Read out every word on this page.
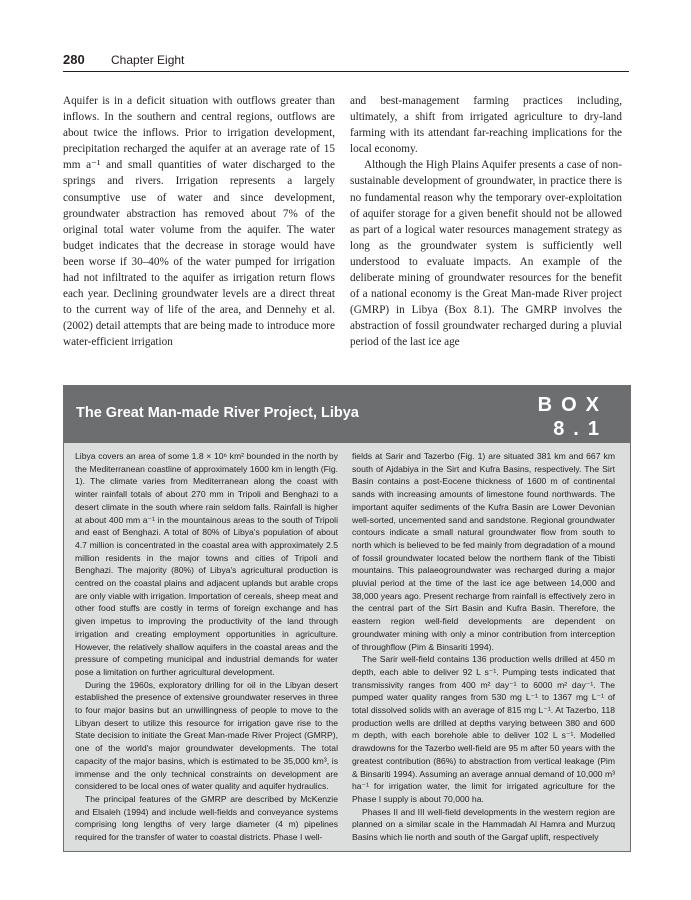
280 Chapter Eight

Aquifer is in a deficit situation with outflows greater than inflows. In the southern and central regions, outflows are about twice the inflows. Prior to irrigation development, precipitation recharged the aquifer at an average rate of 15 mm a⁻¹ and small quantities of water discharged to the springs and rivers. Irrigation represents a largely consumptive use of water and since development, groundwater abstraction has removed about 7% of the original total water volume from the aquifer. The water budget indicates that the decrease in storage would have been worse if 30–40% of the water pumped for irrigation had not infiltrated to the aquifer as irrigation return flows each year. Declining groundwater levels are a direct threat to the current way of life of the area, and Dennehy et al. (2002) detail attempts that are being made to introduce more water-efficient irrigation

and best-management farming practices including, ultimately, a shift from irrigated agriculture to dry-land farming with its attendant far-reaching implications for the local economy.

Although the High Plains Aquifer presents a case of non-sustainable development of groundwater, in practice there is no fundamental reason why the temporary over-exploitation of aquifer storage for a given benefit should not be allowed as part of a logical water resources management strategy as long as the groundwater system is sufficiently well understood to evaluate impacts. An example of the deliberate mining of groundwater resources for the benefit of a national economy is the Great Man-made River project (GMRP) in Libya (Box 8.1). The GMRP involves the abstraction of fossil groundwater recharged during a pluvial period of the last ice age

The Great Man-made River Project, Libya	BOX
8.1

Libya covers an area of some 1.8 × 10⁶ km² bounded in the north by the Mediterranean coastline of approximately 1600 km in length (Fig. 1). The climate varies from Mediterranean along the coast with winter rainfall totals of about 270 mm in Tripoli and Benghazi to a desert climate in the south where rain seldom falls. Rainfall is higher at about 400 mm a⁻¹ in the mountainous areas to the south of Tripoli and east of Benghazi. A total of 80% of Libya's population of about 4.7 million is concentrated in the coastal area with approximately 2.5 million residents in the major towns and cities of Tripoli and Benghazi. The majority (80%) of Libya's agricultural production is centred on the coastal plains and adjacent uplands but arable crops are only viable with irrigation. Importation of cereals, sheep meat and other food stuffs are costly in terms of foreign exchange and has given impetus to improving the productivity of the land through irrigation and creating employment opportunities in agriculture. However, the relatively shallow aquifers in the coastal areas and the pressure of competing municipal and industrial demands for water pose a limitation on further agricultural development.

During the 1960s, exploratory drilling for oil in the Libyan desert established the presence of extensive groundwater reserves in three to four major basins but an unwillingness of people to move to the Libyan desert to utilize this resource for irrigation gave rise to the State decision to initiate the Great Man-made River Project (GMRP), one of the world's major groundwater developments. The total capacity of the major basins, which is estimated to be 35,000 km³, is immense and the only technical constraints on development are considered to be local ones of water quality and aquifer hydraulics.

The principal features of the GMRP are described by McKenzie and Elsaleh (1994) and include well-fields and conveyance systems comprising long lengths of very large diameter (4 m) pipelines required for the transfer of water to coastal districts. Phase I well-

fields at Sarir and Tazerbo (Fig. 1) are situated 381 km and 667 km south of Ajdabiya in the Sirt and Kufra Basins, respectively. The Sirt Basin contains a post-Eocene thickness of 1600 m of continental sands with increasing amounts of limestone found northwards. The important aquifer sediments of the Kufra Basin are Lower Devonian well-sorted, uncemented sand and sandstone. Regional groundwater contours indicate a small natural groundwater flow from south to north which is believed to be fed mainly from degradation of a mound of fossil groundwater located below the northern flank of the Tibisti mountains. This palaeogroundwater was recharged during a major pluvial period at the time of the last ice age between 14,000 and 38,000 years ago. Present recharge from rainfall is effectively zero in the central part of the Sirt Basin and Kufra Basin. Therefore, the eastern region well-field developments are dependent on groundwater mining with only a minor contribution from interception of throughflow (Pim & Binsariti 1994).

The Sarir well-field contains 136 production wells drilled at 450 m depth, each able to deliver 92 L s⁻¹. Pumping tests indicated that transmissivity ranges from 400 m² day⁻¹ to 6000 m² day⁻¹. The pumped water quality ranges from 530 mg L⁻¹ to 1367 mg L⁻¹ of total dissolved solids with an average of 815 mg L⁻¹. At Tazerbo, 118 production wells are drilled at depths varying between 380 and 600 m depth, with each borehole able to deliver 102 L s⁻¹. Modelled drawdowns for the Tazerbo well-field are 95 m after 50 years with the greatest contribution (86%) to abstraction from vertical leakage (Pim & Binsariti 1994). Assuming an average annual demand of 10,000 m³ ha⁻¹ for irrigation water, the limit for irrigated agriculture for the Phase I supply is about 70,000 ha.

Phases II and III well-field developments in the western region are planned on a similar scale in the Hammadah Al Hamra and Murzuq Basins which lie north and south of the Gargaf uplift, respectively
